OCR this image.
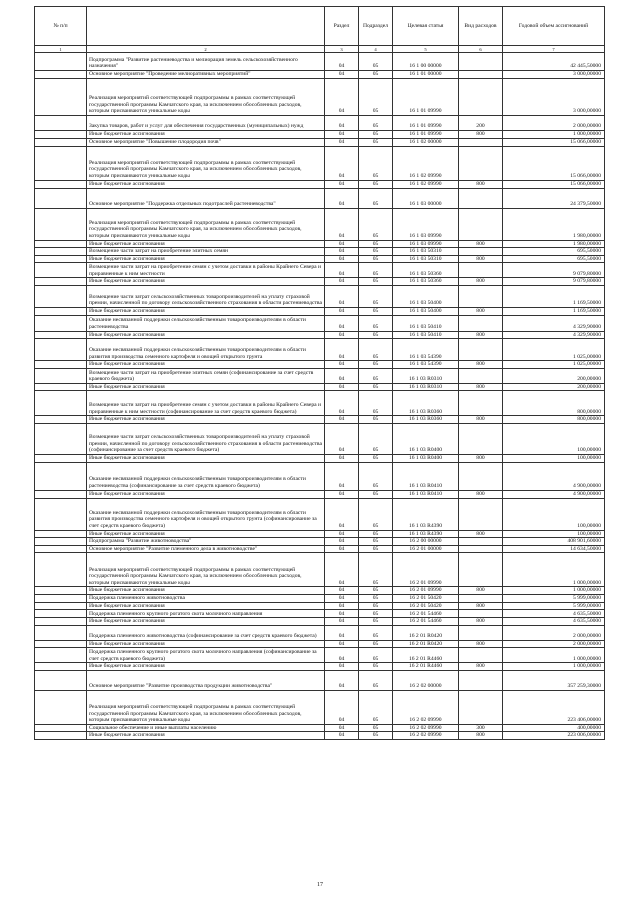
№ п/п		Раздел	Подраздел	Целевая статья	Вид расходов	Годовой объем ассигнований
1	2	3	4	5	6	7
	Подпрограмма "Развитие растениеводства и мелиорация земель сельскохозяйственного назначения"	04	05	16 1 00 00000		42 445,50000
	Основное мероприятие "Проведение мелиоративных мероприятий"	04	05	16 1 01 00000		3 000,00000
	Реализация мероприятий соответствующей подпрограммы в рамках соответствующей государственной программы Камчатского края, за исключением обособленных расходов, которым присваиваются уникальные коды	04	05	16 1 01 09990		3 000,00000
	Закупка товаров, работ и услуг для обеспечения государственных (муниципальных) нужд	04	05	16 1 01 09990	200	2 000,00000
	Иные бюджетные ассигнования	04	05	16 1 01 09990	800	1 000,00000
	Основное мероприятие "Повышение плодородия почв"	04	05	16 1 02 00000		15 066,00000
	Реализация мероприятий соответствующей подпрограммы в рамках соответствующей государственной программы Камчатского края, за исключением обособленных расходов, которым присваиваются уникальные коды	04	05	16 1 02 09990		15 066,00000
	Иные бюджетные ассигнования	04	05	16 1 02 09990	800	15 066,00000
	Основное мероприятие "Поддержка отдельных подотраслей растениеводства"	04	05	16 1 03 00000		24 379,50000
	Реализация мероприятий соответствующей подпрограммы в рамках соответствующей государственной программы Камчатского края, за исключением обособленных расходов, которым присваиваются уникальные коды	04	05	16 1 03 09990		1 980,00000
	Иные бюджетные ассигнования	04	05	16 1 03 09990	800	1 980,00000
	Возмещение части затрат на приобретение элитных семян	04	05	16 1 03 50310		695,50000
	Иные бюджетные ассигнования	04	05	16 1 03 50310	800	695,50000
	Возмещение части затрат на приобретение семян с учетом доставки в районы Крайнего Севера и приравненные к ним местности	04	05	16 1 03 50360		9 079,80000
	Иные бюджетные ассигнования	04	05	16 1 03 50360	800	9 079,80000
	Возмещение части затрат сельскохозяйственных товаропроизводителей на уплату страховой премии, начисленной по договору сельскохозяйственного страхования в области растениеводства	04	05	16 1 03 50400		1 169,50000
	Иные бюджетные ассигнования	04	05	16 1 03 50400	800	1 169,50000
	Оказание несвязанной поддержки сельскохозяйственным товаропроизводителям в области растениеводства	04	05	16 1 03 50410		4 329,90000
	Иные бюджетные ассигнования	04	05	16 1 03 50410	800	4 329,90000
	Оказание несвязанной поддержки сельскохозяйственным товаропроизводителям в области развития производства семенного картофеля и овощей открытого грунта	04	05	16 1 03 54390		1 025,00000
	Иные бюджетные ассигнования	04	05	16 1 03 54390	800	1 025,00000
	Возмещение части затрат на приобретение элитных семян (софинансирование за счет средств краевого бюджета)	04	05	16 1 03 R0310		200,00000
	Иные бюджетные ассигнования	04	05	16 1 03 R0310	800	200,00000
	Возмещение части затрат на приобретение семян с учетом доставки в районы Крайнего Севера и приравненные к ним местности (софинансирование за счет средств краевого бюджета)	04	05	16 1 03 R0360		800,00000
	Иные бюджетные ассигнования	04	05	16 1 03 R0360	800	800,00000
	Возмещение части затрат сельскохозяйственных товаропроизводителей на уплату страховой премии, начисленной по договору сельскохозяйственного страхования в области растениеводства (софинансирование за счет средств краевого бюджета)	04	05	16 1 03 R0400		100,00000
	Иные бюджетные ассигнования	04	05	16 1 03 R0400	800	100,00000
	Оказание несвязанной поддержки сельскохозяйственным товаропроизводителям в области растениеводства (софинансирование за счет средств краевого бюджета)	04	05	16 1 03 R0410		4 900,00000
	Иные бюджетные ассигнования	04	05	16 1 03 R0410	800	4 900,00000
	Оказание несвязанной поддержки сельскохозяйственным товаропроизводителям в области развития производства семенного картофеля и овощей открытого грунта (софинансирование за счет средств краевого бюджета)	04	05	16 1 03 R4390		100,00000
	Иные бюджетные ассигнования	04	05	16 1 03 R4390	800	100,00000
	Подпрограмма "Развитие животноводства"	04	05	16 2 00 00000		408 901,60000
	Основное мероприятие "Развитие племенного дела в животноводстве"	04	05	16 2 01 00000		14 634,50000
	Реализация мероприятий соответствующей подпрограммы в рамках соответствующей государственной программы Камчатского края, за исключением обособленных расходов, которым присваиваются уникальные коды	04	05	16 2 01 09990		1 000,00000
	Иные бюджетные ассигнования	04	05	16 2 01 09990	800	1 000,00000
	Поддержка племенного животноводства	04	05	16 2 01 50420		5 999,00000
	Иные бюджетные ассигнования	04	05	16 2 01 50420	800	5 999,00000
	Поддержка племенного крупного рогатого скота молочного направления	04	05	16 2 01 54460		4 635,50000
	Иные бюджетные ассигнования	04	05	16 2 01 54460	800	4 635,50000
	Поддержка племенного животноводства (софинансирование за счет средств краевого бюджета)	04	05	16 2 01 R0420		2 000,00000
	Иные бюджетные ассигнования	04	05	16 2 01 R0420	800	2 000,00000
	Поддержка племенного крупного рогатого скота молочного направления (софинансирование за счет средств краевого бюджета)	04	05	16 2 01 R4460		1 000,00000
	Иные бюджетные ассигнования	04	05	16 2 01 R4460	800	1 000,00000
	Основное мероприятие "Развитие производства продукции животноводства"	04	05	16 2 02 00000		357 259,30000
	Реализация мероприятий соответствующей подпрограммы в рамках соответствующей государственной программы Камчатского края, за исключением обособленных расходов, которым присваиваются уникальные коды	04	05	16 2 02 09990		223 406,00000
	Социальное обеспечение и иные выплаты населению	04	05	16 2 02 09990	300	400,00000
	Иные бюджетные ассигнования	04	05	16 2 02 09990	800	223 006,00000
17
